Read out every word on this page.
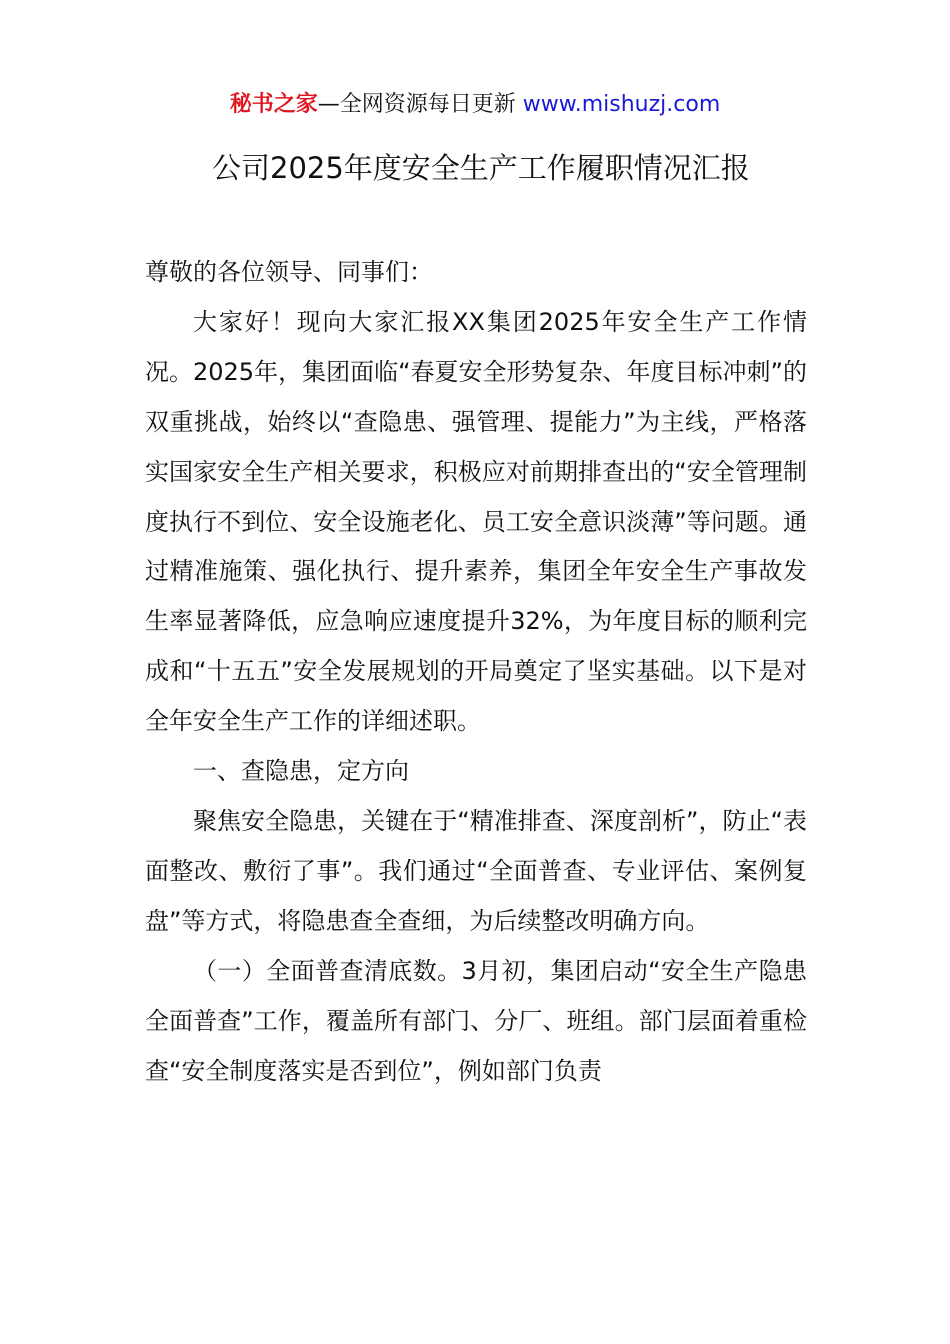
秘书之家—全网资源每日更新 www.mishuzj.com
公司2025年度安全生产工作履职情况汇报

尊敬的各位领导、同事们：

大家好！现向大家汇报XX集团2025年安全生产工作情况。2025年，集团面临“春夏安全形势复杂、年度目标冲刺”的双重挑战，始终以“查隐患、强管理、提能力”为主线，严格落实国家安全生产相关要求，积极应对前期排查出的“安全管理制度执行不到位、安全设施老化、员工安全意识淡薄”等问题。通过精准施策、强化执行、提升素养，集团全年安全生产事故发生率显著降低，应急响应速度提升32%，为年度目标的顺利完成和“十五五”安全发展规划的开局奠定了坚实基础。以下是对全年安全生产工作的详细述职。

一、查隐患，定方向

聚焦安全隐患，关键在于“精准排查、深度剖析”，防止“表面整改、敷衍了事”。我们通过“全面普查、专业评估、案例复盘”等方式，将隐患查全查细，为后续整改明确方向。

（一）全面普查清底数。3月初，集团启动“安全生产隐患全面普查”工作，覆盖所有部门、分厂、班组。部门层面着重检查“安全制度落实是否到位”，例如部门负责
